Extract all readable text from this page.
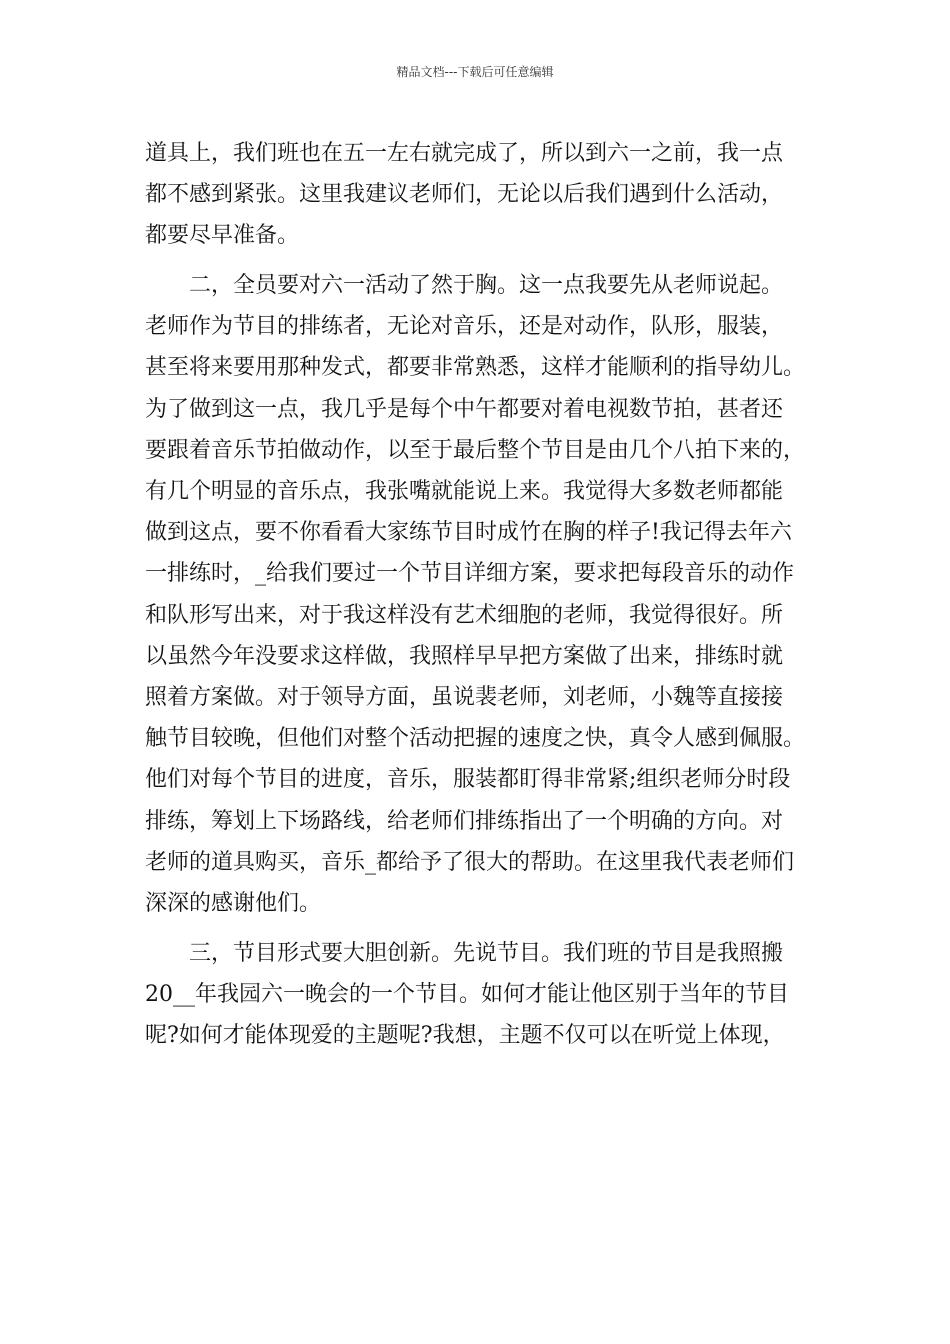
精品文档---下载后可任意编辑
道具上，我们班也在五一左右就完成了，所以到六一之前，我一点
都不感到紧张。这里我建议老师们，无论以后我们遇到什么活动，
都要尽早准备。
二，全员要对六一活动了然于胸。这一点我要先从老师说起。
老师作为节目的排练者，无论对音乐，还是对动作，队形，服装，
甚至将来要用那种发式，都要非常熟悉，这样才能顺利的指导幼儿。
为了做到这一点，我几乎是每个中午都要对着电视数节拍，甚者还
要跟着音乐节拍做动作，以至于最后整个节目是由几个八拍下来的，
有几个明显的音乐点，我张嘴就能说上来。我觉得大多数老师都能
做到这点，要不你看看大家练节目时成竹在胸的样子!我记得去年六
一排练时，_给我们要过一个节目详细方案，要求把每段音乐的动作
和队形写出来，对于我这样没有艺术细胞的老师，我觉得很好。所
以虽然今年没要求这样做，我照样早早把方案做了出来，排练时就
照着方案做。对于领导方面，虽说裴老师，刘老师，小魏等直接接
触节目较晚，但他们对整个活动把握的速度之快，真令人感到佩服。
他们对每个节目的进度，音乐，服装都盯得非常紧;组织老师分时段
排练，筹划上下场路线，给老师们排练指出了一个明确的方向。对
老师的道具购买，音乐_都给予了很大的帮助。在这里我代表老师们
深深的感谢他们。
三，节目形式要大胆创新。先说节目。我们班的节目是我照搬
20__年我园六一晚会的一个节目。如何才能让他区别于当年的节目
呢?如何才能体现爱的主题呢?我想，主题不仅可以在听觉上体现，
